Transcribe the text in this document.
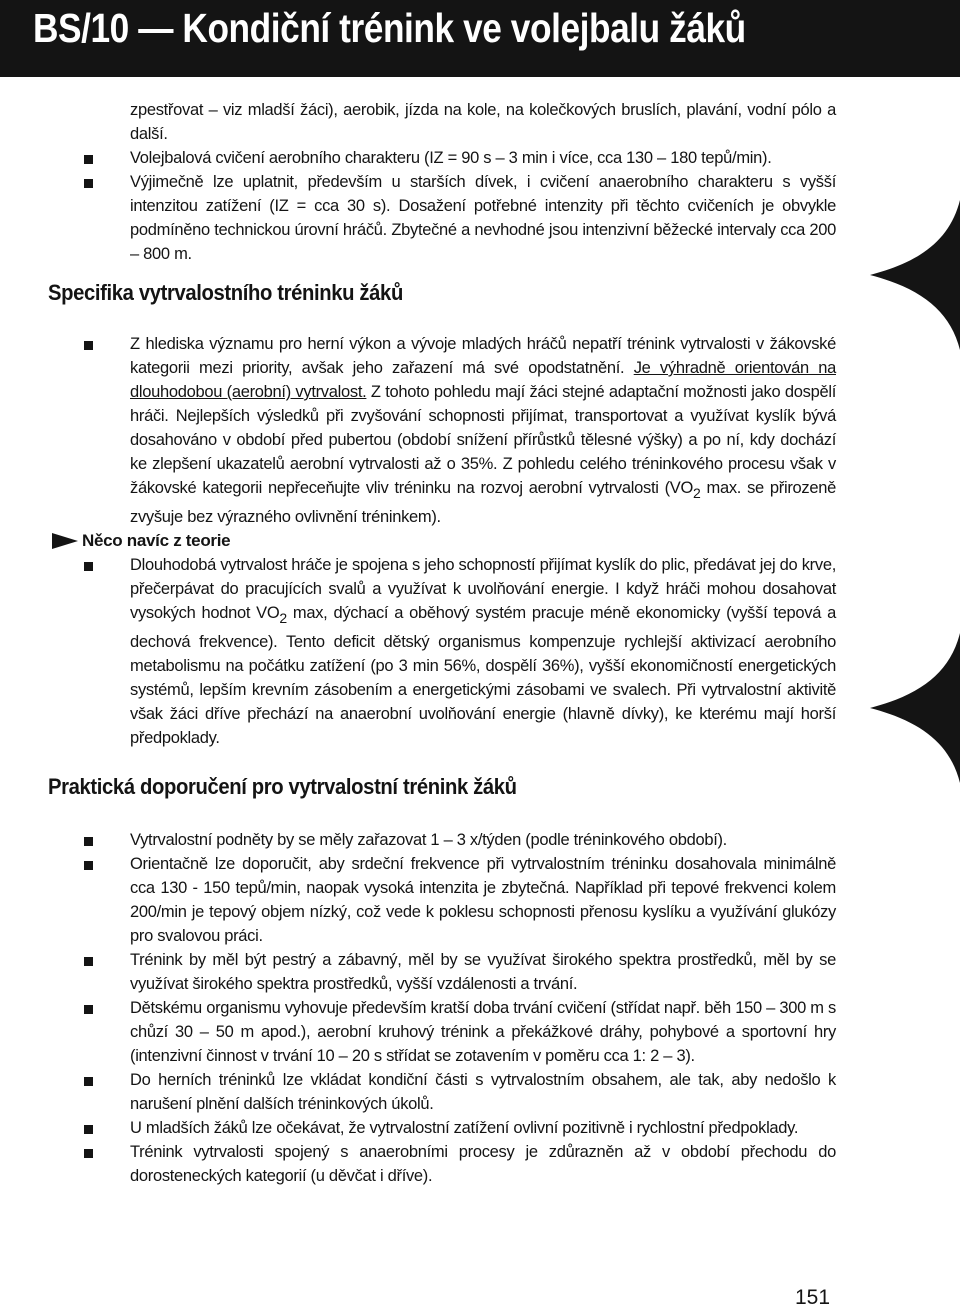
BS/10 — Kondiční trénink ve volejbalu žáků
zpestřovat – viz mladší žáci), aerobik, jízda na kole, na kolečkových bruslích, plavání, vodní pólo a další.
Volejbalová cvičení aerobního charakteru (IZ = 90 s – 3 min i více, cca 130 – 180 tepů/min).
Výjimečně lze uplatnit, především u starších dívek, i cvičení anaerobního charakteru s vyšší intenzitou zatížení (IZ = cca 30 s). Dosažení potřebné intenzity při těchto cvičeních je obvykle podmíněno technickou úrovní hráčů. Zbytečné a nevhodné jsou intenzivní běžecké intervaly cca 200 – 800 m.
Specifika vytrvalostního tréninku žáků
Z hlediska významu pro herní výkon a vývoje mladých hráčů nepatří trénink vytrvalosti v žákovské kategorii mezi priority, avšak jeho zařazení má své opodstatnění. Je výhradně orientován na dlouhodobou (aerobní) vytrvalost. Z tohoto pohledu mají žáci stejné adaptační možnosti jako dospělí hráči. Nejlepších výsledků při zvyšování schopnosti přijímat, transportovat a využívat kyslík bývá dosahováno v období před pubertou (období snížení přírůstků tělesné výšky) a po ní, kdy dochází ke zlepšení ukazatelů aerobní vytrvalosti až o 35%. Z pohledu celého tréninkového procesu však v žákovské kategorii nepřeceňujte vliv tréninku na rozvoj aerobní vytrvalosti ($VO_2$ max. se přirozeně zvyšuje bez výrazného ovlivnění tréninkem).
Něco navíc z teorie
Dlouhodobá vytrvalost hráče je spojena s jeho schopností přijímat kyslík do plic, předávat jej do krve, přečerpávat do pracujících svalů a využívat k uvolňování energie. I když hráči mohou dosahovat vysokých hodnot $VO_2$ max, dýchací a oběhový systém pracuje méně ekonomicky (vyšší tepová a dechová frekvence). Tento deficit dětský organismus kompenzuje rychlejší aktivizací aerobního metabolismu na počátku zatížení (po 3 min 56%, dospělí 36%), vyšší ekonomičností energetických systémů, lepším krevním zásobením a energetickými zásobami ve svalech. Při vytrvalostní aktivitě však žáci dříve přechází na anaerobní uvolňování energie (hlavně dívky), ke kterému mají horší předpoklady.
Praktická doporučení pro vytrvalostní trénink žáků
Vytrvalostní podněty by se měly zařazovat 1 – 3 x/týden (podle tréninkového období).
Orientačně lze doporučit, aby srdeční frekvence při vytrvalostním tréninku dosahovala minimálně cca 130 - 150 tepů/min, naopak vysoká intenzita je zbytečná. Například při tepové frekvenci kolem 200/min je tepový objem nízký, což vede k poklesu schopnosti přenosu kyslíku a využívání glukózy pro svalovou práci.
Trénink by měl být pestrý a zábavný, měl by se využívat širokého spektra prostředků, měl by se využívat širokého spektra prostředků, vyšší vzdálenosti a trvání.
Dětskému organismu vyhovuje především kratší doba trvání cvičení (střídat např. běh 150 – 300 m s chůzí 30 – 50 m apod.), aerobní kruhový trénink a překážkové dráhy, pohybové a sportovní hry (intenzivní činnost v trvání 10 – 20 s střídat se zotavením v poměru cca 1: 2 – 3).
Do herních tréninků lze vkládat kondiční části s vytrvalostním obsahem, ale tak, aby nedošlo k narušení plnění dalších tréninkových úkolů.
U mladších žáků lze očekávat, že vytrvalostní zatížení ovlivní pozitivně i rychlostní předpoklady.
Trénink vytrvalosti spojený s anaerobními procesy je zdůrazněn až v období přechodu do dorosteneckých kategorií (u děvčat i dříve).
151
